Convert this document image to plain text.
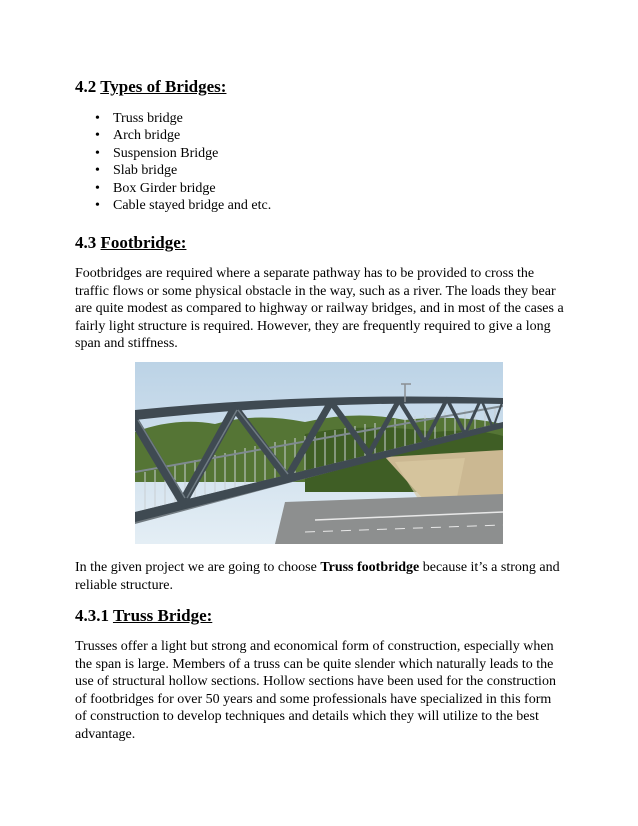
4.2 Types of Bridges:
• Truss bridge
• Arch bridge
• Suspension Bridge
• Slab bridge
• Box Girder bridge
• Cable stayed bridge and etc.
4.3 Footbridge:

Footbridges are required where a separate pathway has to be provided to cross the traffic flows or some physical obstacle in the way, such as a river. The loads they bear are quite modest as compared to highway or railway bridges, and in most of the cases a fairly light structure is required. However, they are frequently required to give a long span and stiffness.

In the given project we are going to choose Truss footbridge because it’s a strong and reliable structure.

4.3.1 Truss Bridge:

Trusses offer a light but strong and economical form of construction, especially when the span is large. Members of a truss can be quite slender which naturally leads to the use of structural hollow sections. Hollow sections have been used for the construction of footbridges for over 50 years and some professionals have specialized in this form of construction to develop techniques and details which they will utilize to the best advantage.
